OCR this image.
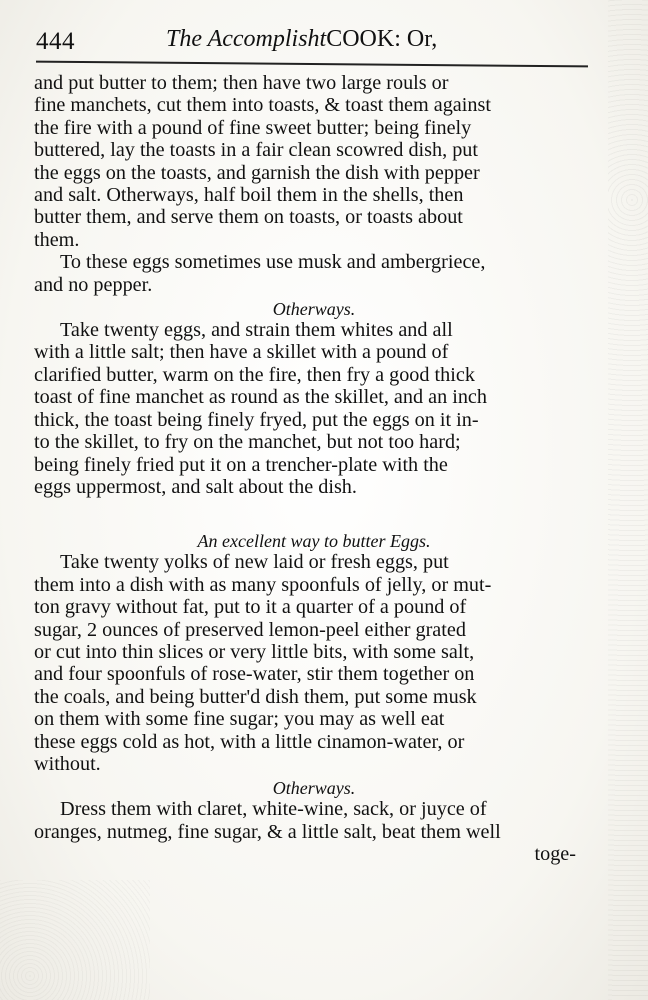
444	The AccomplishtCOOK: Or,
and put butter to them; then have two large rouls or
fine manchets, cut them into toasts, & toast them against
the fire with a pound of fine sweet butter; being finely
buttered, lay the toasts in a fair clean scowred dish, put
the eggs on the toasts, and garnish the dish with pepper
and salt. Otherways, half boil them in the shells, then
butter them, and serve them on toasts, or toasts about
them.
To these eggs sometimes use musk and ambergriece,
and no pepper.
Otherways.
Take twenty eggs, and strain them whites and all
with a little salt; then have a skillet with a pound of
clarified butter, warm on the fire, then fry a good thick
toast of fine manchet as round as the skillet, and an inch
thick, the toast being finely fryed, put the eggs on it in-
to the skillet, to fry on the manchet, but not too hard;
being finely fried put it on a trencher-plate with the
eggs uppermost, and salt about the dish.
An excellent way to butter Eggs.
Take twenty yolks of new laid or fresh eggs, put
them into a dish with as many spoonfuls of jelly, or mut-
ton gravy without fat, put to it a quarter of a pound of
sugar, 2 ounces of preserved lemon-peel either grated
or cut into thin slices or very little bits, with some salt,
and four spoonfuls of rose-water, stir them together on
the coals, and being butter'd dish them, put some musk
on them with some fine sugar; you may as well eat
these eggs cold as hot, with a little cinamon-water, or
without.
Otherways.
Dress them with claret, white-wine, sack, or juyce of
oranges, nutmeg, fine sugar, & a little salt, beat them well
toge-
